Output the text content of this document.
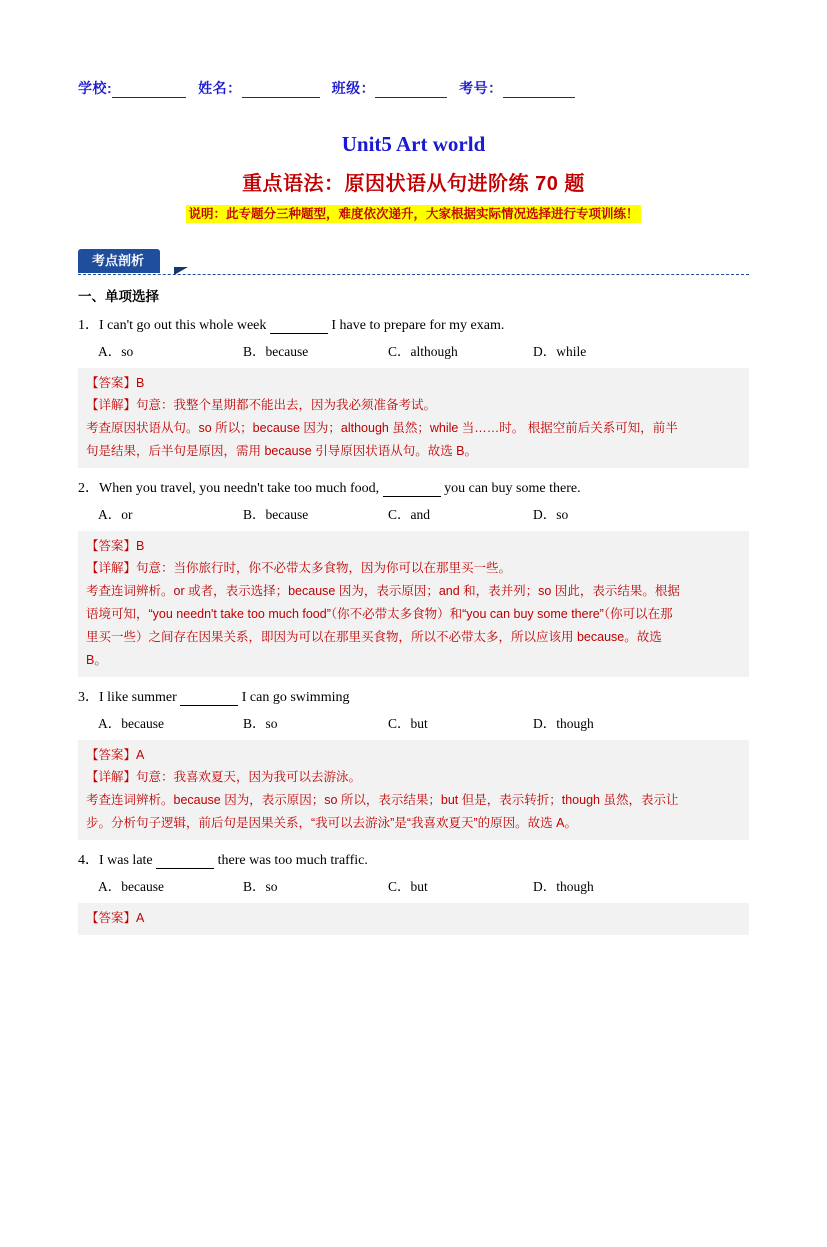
学校:	姓名：	班级：	考号：
Unit5 Art world
重点语法：原因状语从句进阶练 70 题
说明：此专题分三种题型，难度依次递升，大家根据实际情况选择进行专项训练！
考点剖析
一、单项选择
1．I can't go out this whole week	I have to prepare for my exam.
A．so	B．because	C．although	D．while

【答案】B

【详解】句意：我整个星期都不能出去，因为我必须准备考试。

考查原因状语从句。so 所以；because 因为；although 虽然；while 当……时。 根据空前后关系可知，前半

句是结果，后半句是原因，需用 because 引导原因状语从句。故选 B。

2．When you travel, you needn't take too much food,	you can buy some there.
A．or	B．because	C．and	D．so

【答案】B

【详解】句意：当你旅行时，你不必带太多食物，因为你可以在那里买一些。

考查连词辨析。or 或者，表示选择；because 因为，表示原因；and 和，表并列；so 因此，表示结果。根据

语境可知，“you needn't take too much food”（你不必带太多食物）和“you can buy some there”（你可以在那

里买一些）之间存在因果关系，即因为可以在那里买食物，所以不必带太多，所以应该用 because。故选

B。

3．I like summer	I can go swimming
A．because	B．so	C．but	D．though

【答案】A

【详解】句意：我喜欢夏天，因为我可以去游泳。

考查连词辨析。because 因为，表示原因；so 所以，表示结果；but 但是，表示转折；though 虽然，表示让

步。分析句子逻辑，前后句是因果关系，“我可以去游泳”是“我喜欢夏天”的原因。故选 A。

4．I was late	there was too much traffic.
A．because	B．so	C．but	D．though

【答案】A
